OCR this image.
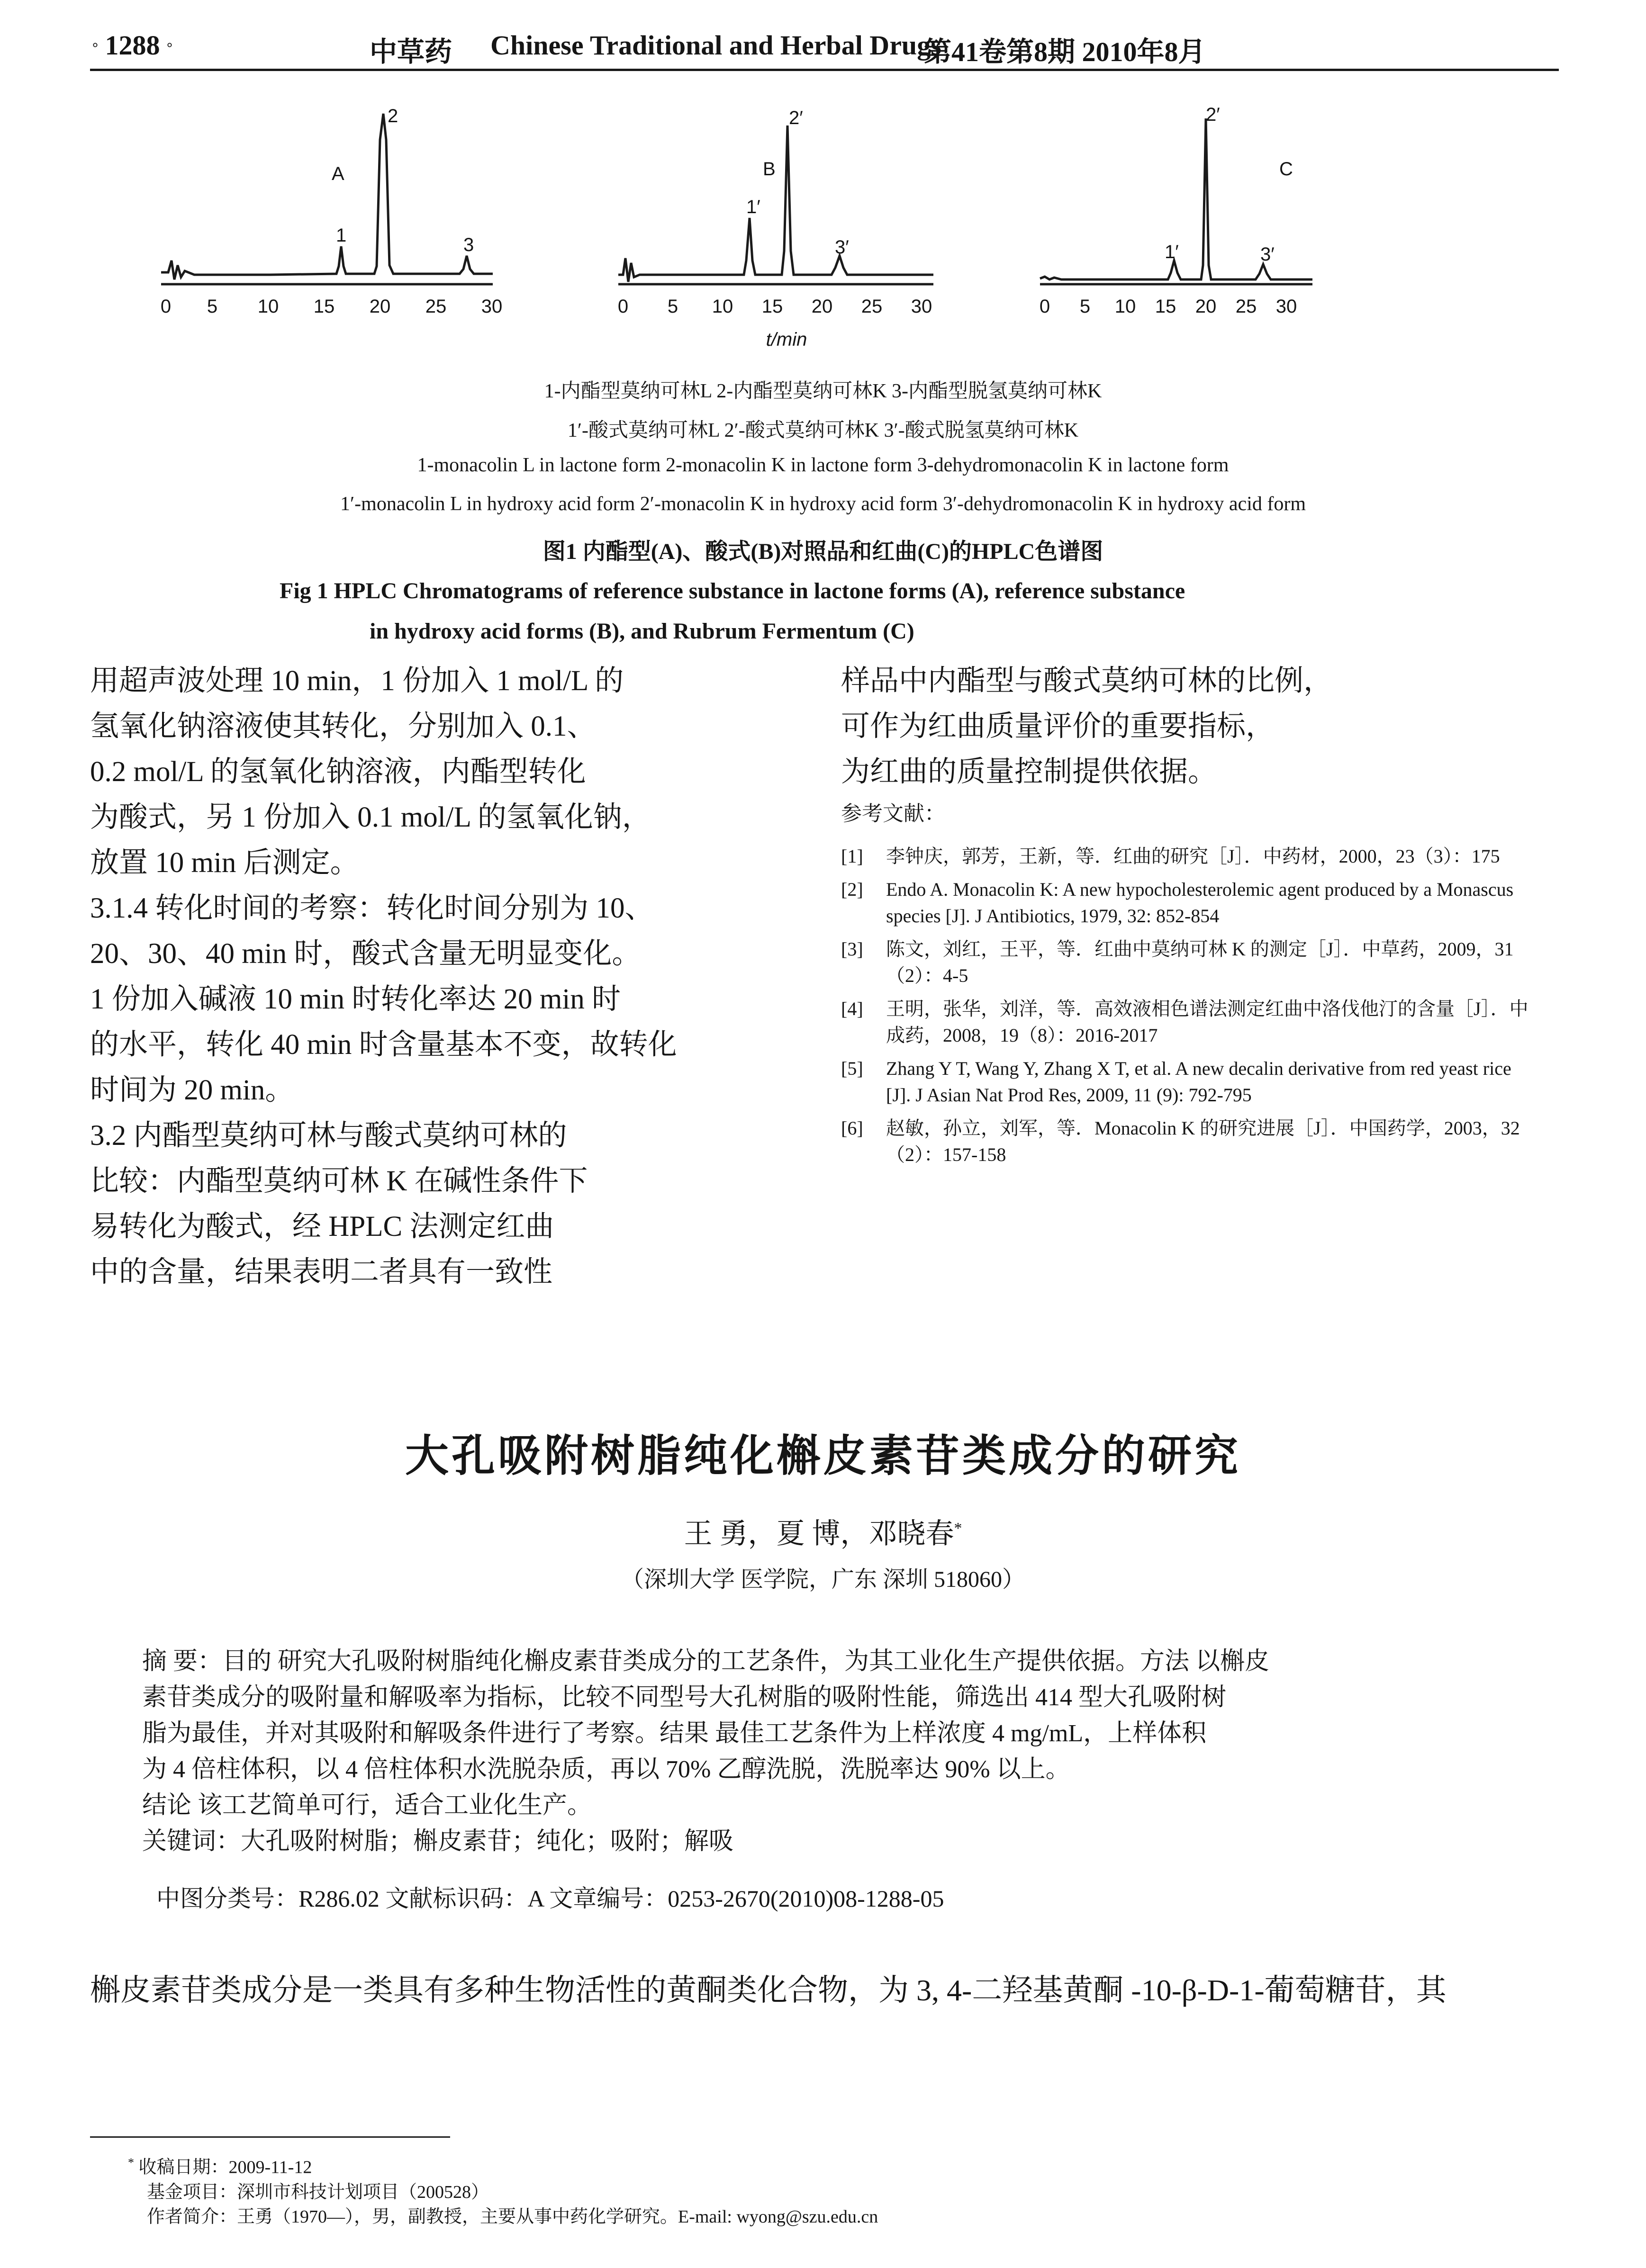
° 1288 °	中草药 Chinese Traditional and Herbal Drugs
第41卷第8期 2010年8月
A
1
2
3
B
1′
2′
3′
C
1′
2′
3′
0 5 10 15 20 25 30	0 5 10 15 20 25 30	0 5 10 15 20 25 30
t/min
1-内酯型莫纳可林L 2-内酯型莫纳可林K 3-内酯型脱氢莫纳可林K
1′-酸式莫纳可林L 2′-酸式莫纳可林K 3′-酸式脱氢莫纳可林K
1-monacolin L in lactone form 2-monacolin K in lactone form 3-dehydromonacolin K in lactone form
1′-monacolin L in hydroxy acid form 2′-monacolin K in hydroxy acid form 3′-dehydromonacolin K in hydroxy acid form
图1 内酯型(A)、酸式(B)对照品和红曲(C)的HPLC色谱图
Fig 1 HPLC Chromatograms of reference substance in lactone forms (A), reference substance
in hydroxy acid forms (B), and Rubrum Fermentum (C)

用超声波处理 10 min，1 份加入 1 mol/L 的

氢氧化钠溶液使其转化，分别加入 0.1、

0.2 mol/L 的氢氧化钠溶液，内酯型转化

为酸式，另 1 份加入 0.1 mol/L 的氢氧化钠，

放置 10 min 后测定。

3.1.4 转化时间的考察：转化时间分别为 10、

20、30、40 min 时，酸式含量无明显变化。

1 份加入碱液 10 min 时转化率达 20 min 时

的水平，转化 40 min 时含量基本不变，故转化

时间为 20 min。

3.2 内酯型莫纳可林与酸式莫纳可林的

比较：内酯型莫纳可林 K 在碱性条件下

易转化为酸式，经 HPLC 法测定红曲

中的含量，结果表明二者具有一致性

样品中内酯型与酸式莫纳可林的比例，

可作为红曲质量评价的重要指标，

为红曲的质量控制提供依据。

参考文献：

[1]	李钟庆，郭芳，王新，等．红曲的研究［J］．中药材，2000，23（3）：175
[2]	Endo A. Monacolin K: A new hypocholesterolemic agent produced by a Monascus species [J]. J Antibiotics, 1979, 32: 852-854
[3]	陈文，刘红，王平，等．红曲中莫纳可林 K 的测定［J］．中草药，2009，31（2）：4-5
[4]	王明，张华，刘洋，等．高效液相色谱法测定红曲中洛伐他汀的含量［J］．中成药，2008，19（8）：2016-2017
[5]	Zhang Y T, Wang Y, Zhang X T, et al. A new decalin derivative from red yeast rice [J]. J Asian Nat Prod Res, 2009, 11 (9): 792-795
[6]	赵敏，孙立，刘军，等．Monacolin K 的研究进展［J］．中国药学，2003，32（2）：157-158
大孔吸附树脂纯化槲皮素苷类成分的研究
王 勇，夏 博，邓晓春*
（深圳大学 医学院，广东 深圳 518060）

摘 要：目的 研究大孔吸附树脂纯化槲皮素苷类成分的工艺条件，为其工业化生产提供依据。方法 以槲皮

素苷类成分的吸附量和解吸率为指标，比较不同型号大孔树脂的吸附性能，筛选出 414 型大孔吸附树

脂为最佳，并对其吸附和解吸条件进行了考察。结果 最佳工艺条件为上样浓度 4 mg/mL，上样体积

为 4 倍柱体积，以 4 倍柱体积水洗脱杂质，再以 70% 乙醇洗脱，洗脱率达 90% 以上。

结论 该工艺简单可行，适合工业化生产。

关键词：大孔吸附树脂；槲皮素苷；纯化；吸附；解吸

中图分类号：R286.02 文献标识码：A 文章编号：0253-2670(2010)08-1288-05
槲皮素苷类成分是一类具有多种生物活性的黄酮类化合物，为 3, 4-二羟基黄酮 -10-β-D-1-葡萄糖苷，其

* 收稿日期：2009-11-12

基金项目：深圳市科技计划项目（200528）

作者简介：王勇（1970—），男，副教授，主要从事中药化学研究。E-mail: wyong@szu.edu.cn
